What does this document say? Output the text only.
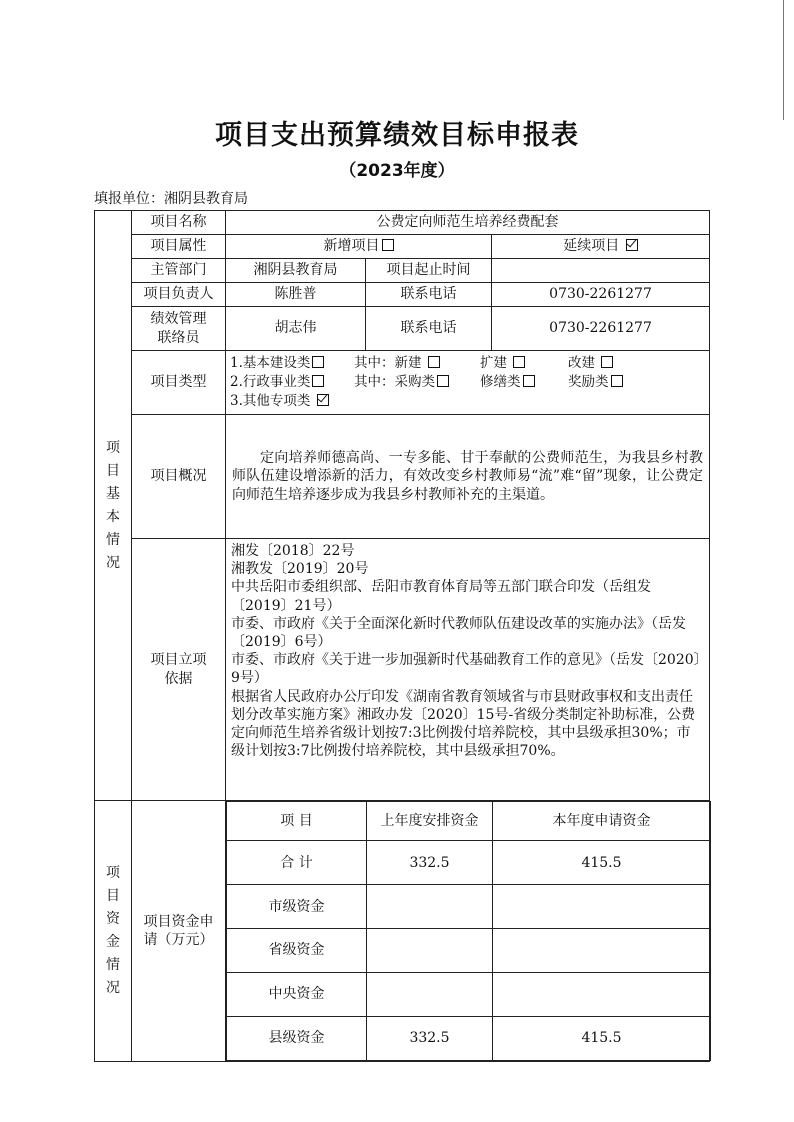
项目支出预算绩效目标申报表
（2023年度）
填报单位：湘阴县教育局
项目基本情况
	项目名称	公费定向师范生培养经费配套
项目属性	新增项目	延续项目
主管部门	湘阴县教育局	项目起止时间	
项目负责人	陈胜普	联系电话	0730-2261277
绩效管理联络员	胡志伟	联系电话	0730-2261277
项目类型	
1.基本建设类	其中：新建	扩建	改建
2.行政事业类	其中：采购类	修缮类	奖励类
3.其他专项类

项目概况	定向培养师德高尚、一专多能、甘于奉献的公费师范生，为我县乡村教师队伍建设增添新的活力，有效改变乡村教师易“流”难“留”现象，让公费定向师范生培养逐步成为我县乡村教师补充的主渠道。
项目立项依据	
湘发〔2018〕22号
湘教发〔2019〕20号
中共岳阳市委组织部、岳阳市教育体育局等五部门联合印发（岳组发〔2019〕21号）
市委、市政府《关于全面深化新时代教师队伍建设改革的实施办法》（岳发〔2019〕6号）
市委、市政府《关于进一步加强新时代基础教育工作的意见》（岳发〔2020〕9号）
根据省人民政府办公厅印发《湖南省教育领域省与市县财政事权和支出责任划分改革实施方案》湘政办发〔2020〕15号-省级分类制定补助标准，公费定向师范生培养省级计划按7:3比例拨付培养院校，其中县级承担30%；市级计划按3:7比例拨付培养院校，其中县级承担70%。

项目资金情况
	项目资金申请（万元）	
项 目	上年度安排资金	本年度申请资金
合 计	332.5	415.5
市级资金		
省级资金		
中央资金		
县级资金	332.5	415.5
